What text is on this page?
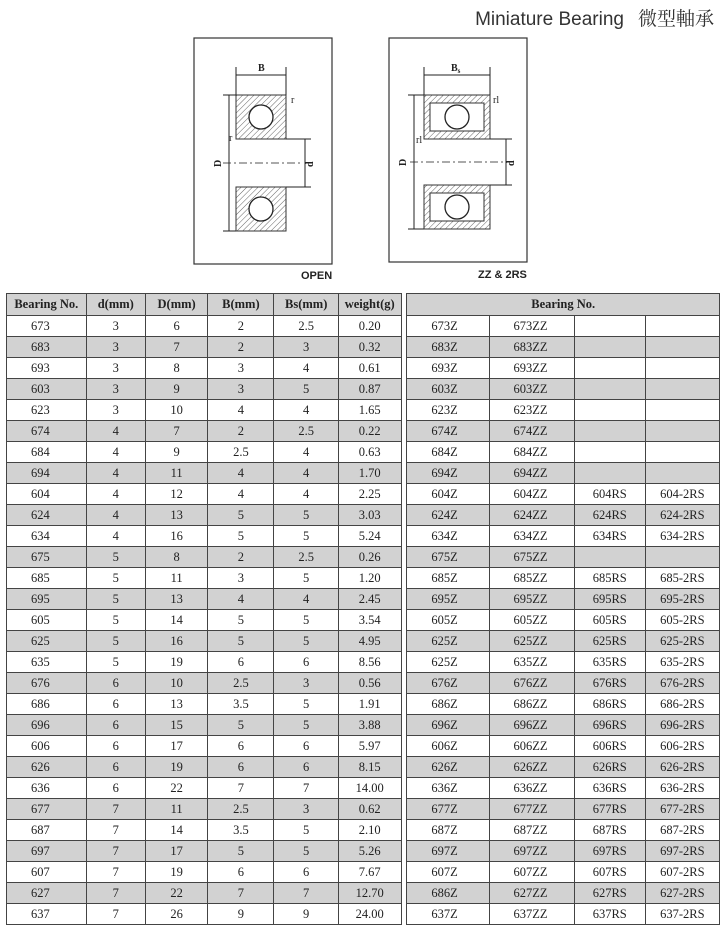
Miniature Bearing 微型軸承
B
D	d
r
r
OPEN
$B_s$
D	d
rl
rl
ZZ & 2RS
Bearing No.	d(mm)	D(mm)	B(mm)	Bs(mm)	weight(g)		Bearing No.			
673	3	6	2	2.5	0.20		673Z	673ZZ		
683	3	7	2	3	0.32		683Z	683ZZ		
693	3	8	3	4	0.61		693Z	693ZZ		
603	3	9	3	5	0.87		603Z	603ZZ		
623	3	10	4	4	1.65		623Z	623ZZ		
674	4	7	2	2.5	0.22		674Z	674ZZ		
684	4	9	2.5	4	0.63		684Z	684ZZ		
694	4	11	4	4	1.70		694Z	694ZZ		
604	4	12	4	4	2.25		604Z	604ZZ	604RS	604-2RS
624	4	13	5	5	3.03		624Z	624ZZ	624RS	624-2RS
634	4	16	5	5	5.24		634Z	634ZZ	634RS	634-2RS
675	5	8	2	2.5	0.26		675Z	675ZZ		
685	5	11	3	5	1.20		685Z	685ZZ	685RS	685-2RS
695	5	13	4	4	2.45		695Z	695ZZ	695RS	695-2RS
605	5	14	5	5	3.54		605Z	605ZZ	605RS	605-2RS
625	5	16	5	5	4.95		625Z	625ZZ	625RS	625-2RS
635	5	19	6	6	8.56		625Z	635ZZ	635RS	635-2RS
676	6	10	2.5	3	0.56		676Z	676ZZ	676RS	676-2RS
686	6	13	3.5	5	1.91		686Z	686ZZ	686RS	686-2RS
696	6	15	5	5	3.88		696Z	696ZZ	696RS	696-2RS
606	6	17	6	6	5.97		606Z	606ZZ	606RS	606-2RS
626	6	19	6	6	8.15		626Z	626ZZ	626RS	626-2RS
636	6	22	7	7	14.00		636Z	636ZZ	636RS	636-2RS
677	7	11	2.5	3	0.62		677Z	677ZZ	677RS	677-2RS
687	7	14	3.5	5	2.10		687Z	687ZZ	687RS	687-2RS
697	7	17	5	5	5.26		697Z	697ZZ	697RS	697-2RS
607	7	19	6	6	7.67		607Z	607ZZ	607RS	607-2RS
627	7	22	7	7	12.70		686Z	627ZZ	627RS	627-2RS
637	7	26	9	9	24.00		637Z	637ZZ	637RS	637-2RS
